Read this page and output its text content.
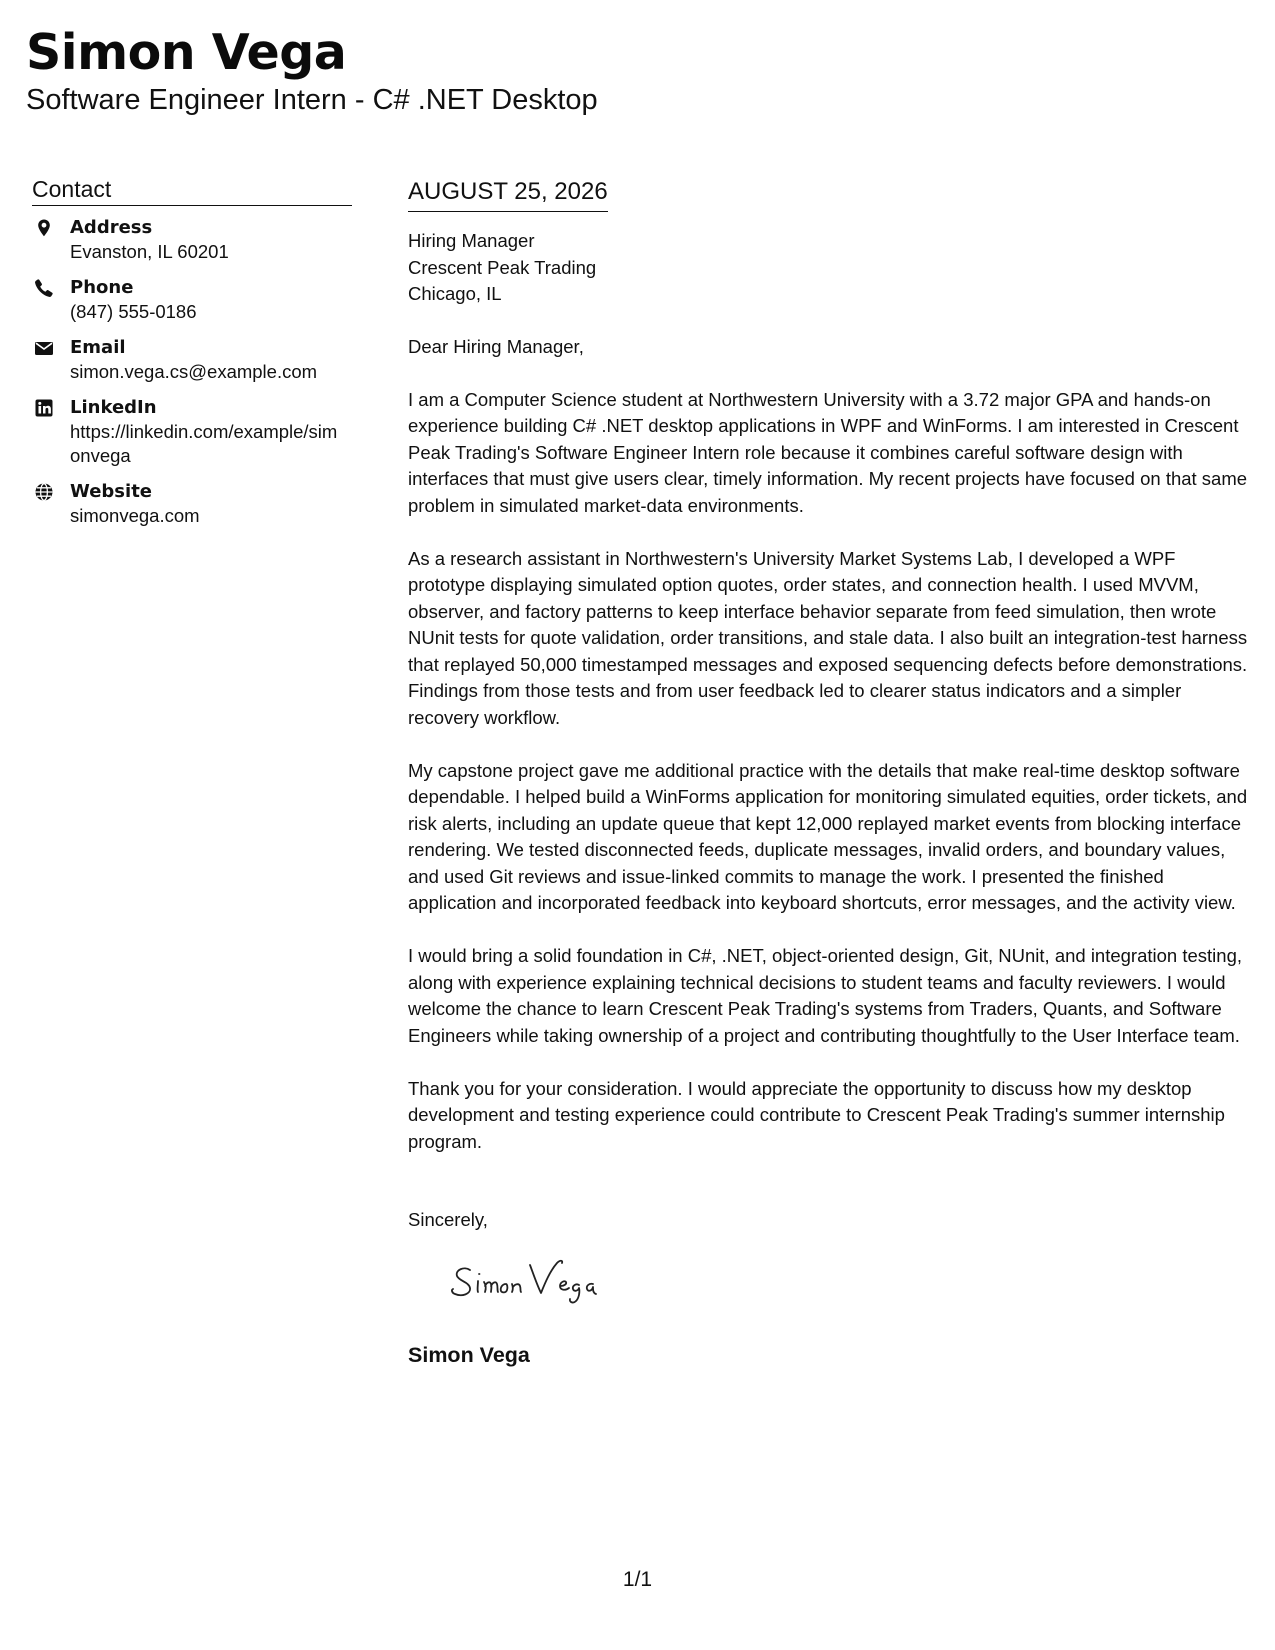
Simon Vega

Software Engineer Intern - C# .NET Desktop

Contact
Address
Evanston, IL 60201
Phone
(847) 555-0186
Email
simon.vega.cs@example.com
LinkedIn
https://linkedin.com/example/simonvega
Website
simonvega.com
AUGUST 25, 2026
Hiring Manager
Crescent Peak Trading
Chicago, IL
Dear Hiring Manager,
I am a Computer Science student at Northwestern University with a 3.72 major GPA and hands-on experience building C# .NET desktop applications in WPF and WinForms. I am interested in Crescent Peak Trading's Software Engineer Intern role because it combines careful software design with interfaces that must give users clear, timely information. My recent projects have focused on that same problem in simulated market-data environments.
As a research assistant in Northwestern's University Market Systems Lab, I developed a WPF prototype displaying simulated option quotes, order states, and connection health. I used MVVM, observer, and factory patterns to keep interface behavior separate from feed simulation, then wrote NUnit tests for quote validation, order transitions, and stale data. I also built an integration-test harness that replayed 50,000 timestamped messages and exposed sequencing defects before demonstrations. Findings from those tests and from user feedback led to clearer status indicators and a simpler recovery workflow.
My capstone project gave me additional practice with the details that make real-time desktop software dependable. I helped build a WinForms application for monitoring simulated equities, order tickets, and risk alerts, including an update queue that kept 12,000 replayed market events from blocking interface rendering. We tested disconnected feeds, duplicate messages, invalid orders, and boundary values, and used Git reviews and issue-linked commits to manage the work. I presented the finished application and incorporated feedback into keyboard shortcuts, error messages, and the activity view.
I would bring a solid foundation in C#, .NET, object-oriented design, Git, NUnit, and integration testing, along with experience explaining technical decisions to student teams and faculty reviewers. I would welcome the chance to learn Crescent Peak Trading's systems from Traders, Quants, and Software Engineers while taking ownership of a project and contributing thoughtfully to the User Interface team.
Thank you for your consideration. I would appreciate the opportunity to discuss how my desktop development and testing experience could contribute to Crescent Peak Trading's summer internship program.
Sincerely,
Simon Vega
1/1
